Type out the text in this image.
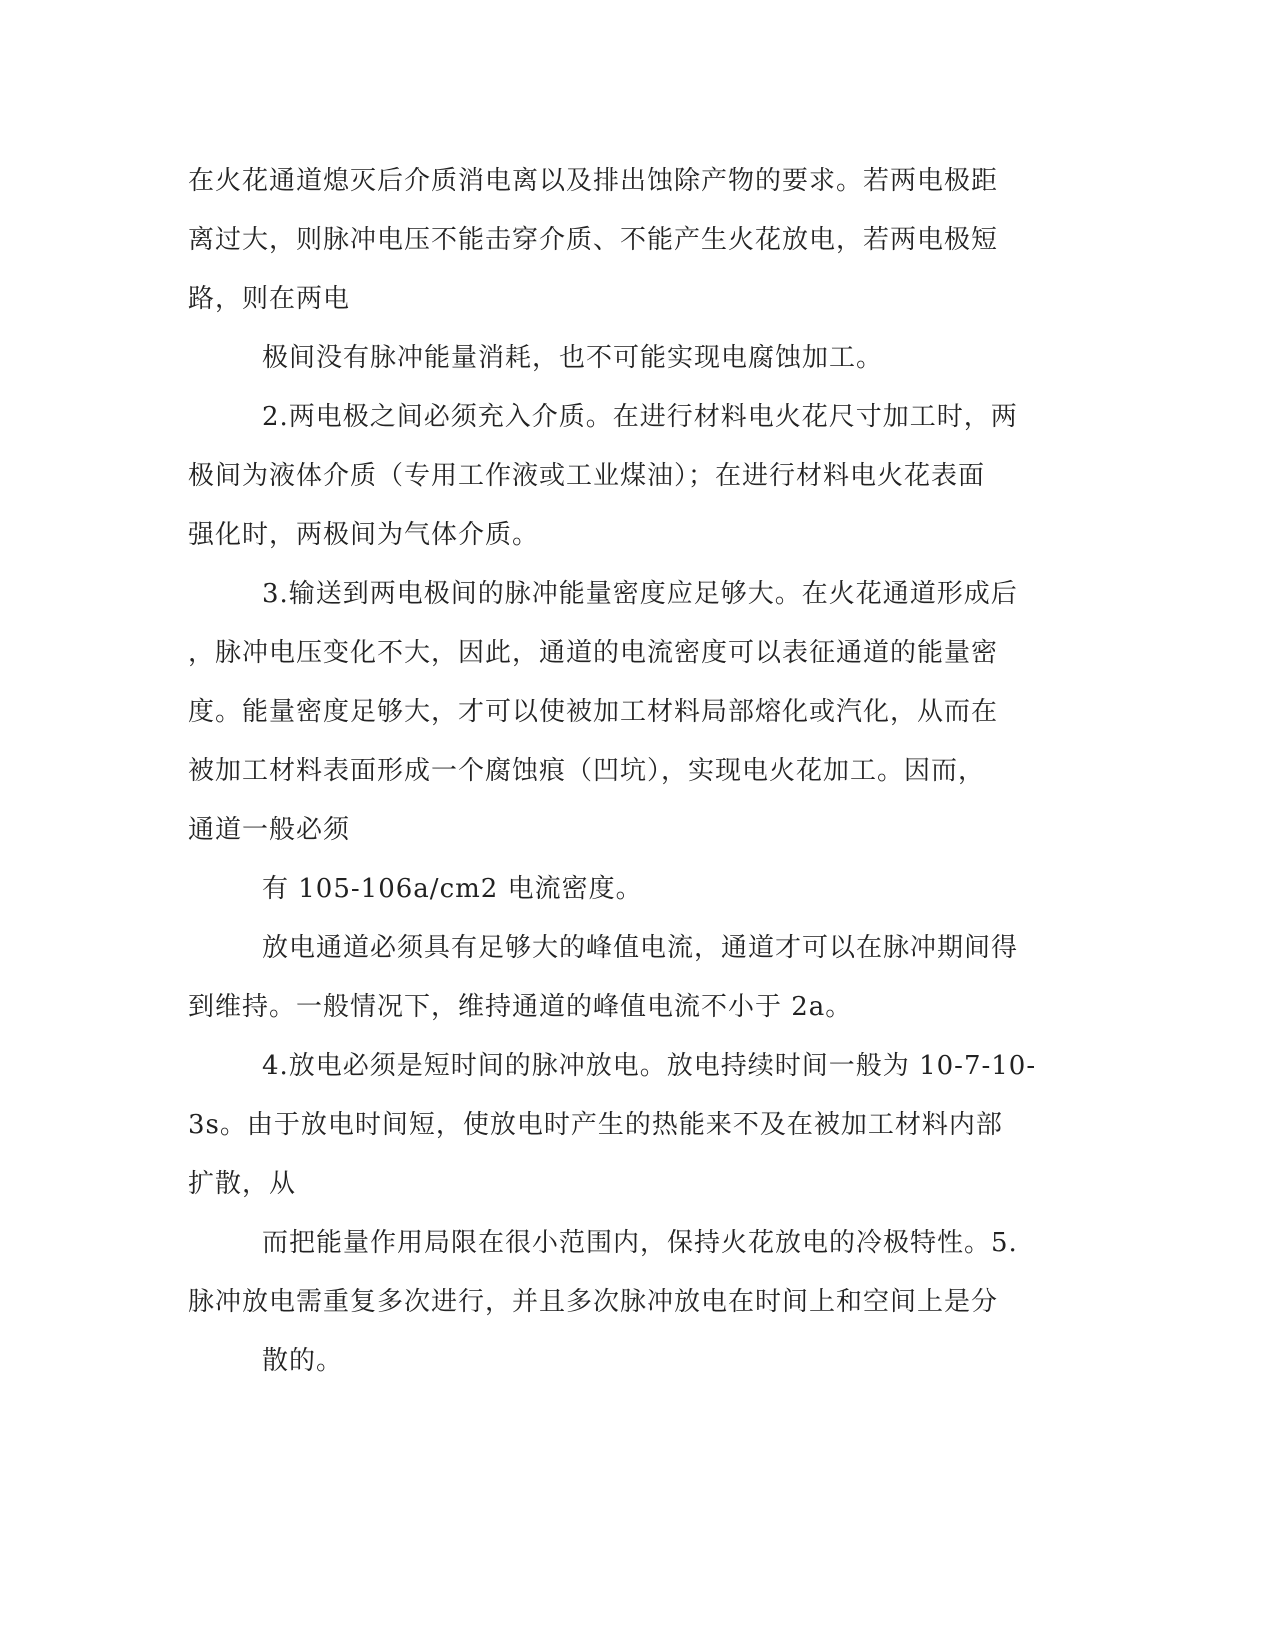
在火花通道熄灭后介质消电离以及排出蚀除产物的要求。若两电极距
离过大，则脉冲电压不能击穿介质、不能产生火花放电，若两电极短
路，则在两电
极间没有脉冲能量消耗，也不可能实现电腐蚀加工。
2.两电极之间必须充入介质。在进行材料电火花尺寸加工时，两
极间为液体介质（专用工作液或工业煤油）；在进行材料电火花表面
强化时，两极间为气体介质。
3.输送到两电极间的脉冲能量密度应足够大。在火花通道形成后
，脉冲电压变化不大，因此，通道的电流密度可以表征通道的能量密
度。能量密度足够大，才可以使被加工材料局部熔化或汽化，从而在
被加工材料表面形成一个腐蚀痕（凹坑），实现电火花加工。因而，
通道一般必须
有 105-106a/cm2 电流密度。
放电通道必须具有足够大的峰值电流，通道才可以在脉冲期间得
到维持。一般情况下，维持通道的峰值电流不小于 2a。
4.放电必须是短时间的脉冲放电。放电持续时间一般为 10-7-10-
3s。由于放电时间短，使放电时产生的热能来不及在被加工材料内部
扩散，从
而把能量作用局限在很小范围内，保持火花放电的冷极特性。5.
脉冲放电需重复多次进行，并且多次脉冲放电在时间上和空间上是分
散的。
